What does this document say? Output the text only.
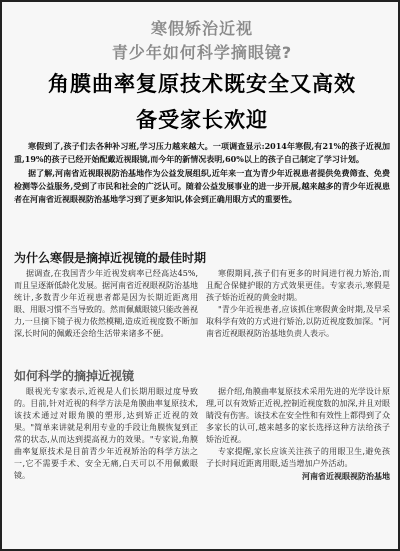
寒假矫治近视
青少年如何科学摘眼镜?
角膜曲率复原技术既安全又高效
备受家长欢迎

寒假到了,孩子们去各种补习班,学习压力越来越大。一项调查显示:2014年寒假,有21%的孩子近视加重,19%的孩子已经开始配戴近视眼镜,而今年的新情况表明,60%以上的孩子自己制定了学习计划。

据了解,河南省近视眼视防治基地作为公益发展组织,近年来一直为青少年近视患者提供免费筛查、免费检测等公益服务,受到了市民和社会的广泛认可。随着公益发展事业的进一步开展,越来越多的青少年近视患者在河南省近视眼视防治基地学习到了更多知识,体会到正确用眼方式的重要性。

为什么寒假是摘掉近视镜的最佳时期

据调查,在我国青少年近视发病率已经高达45%,而且呈逐渐低龄化发展。据河南省近视眼视防治基地统计,多数青少年近视患者都是因为长期近距离用眼、用眼习惯不当导致的。然而佩戴眼镜只能改善视力,一旦摘下镜子视力依然模糊,造成近视度数不断加深,长时间的佩戴还会给生活带来诸多不便。

寒假期间,孩子们有更多的时间进行视力矫治,而且配合保健护眼的方式效果更佳。专家表示,寒假是孩子矫治近视的黄金时期。

"青少年近视患者,应该抓住寒假黄金时期,及早采取科学有效的方式进行矫治,以防近视度数加深。"河南省近视眼视防治基地负责人表示。

如何科学的摘掉近视镜

眼视光专家表示,近视是人们长期用眼过度导致的。目前,针对近视的科学方法是角膜曲率复原技术,该技术通过对眼角膜的塑形,达到矫正近视的效果。"简单来讲就是利用专业的手段让角膜恢复到正常的状态,从而达到提高视力的效果。"专家说,角膜曲率复原技术是目前青少年近视矫治的科学方法之一,它不需要手术、安全无痛,白天可以不用佩戴眼镜。

据介绍,角膜曲率复原技术采用先进的光学设计原理,可以有效矫正近视,控制近视度数的加深,并且对眼睛没有伤害。该技术在安全性和有效性上都得到了众多家长的认可,越来越多的家长选择这种方法给孩子矫治近视。

专家提醒,家长应该关注孩子的用眼卫生,避免孩子长时间近距离用眼,适当增加户外活动。

河南省近视眼视防治基地
